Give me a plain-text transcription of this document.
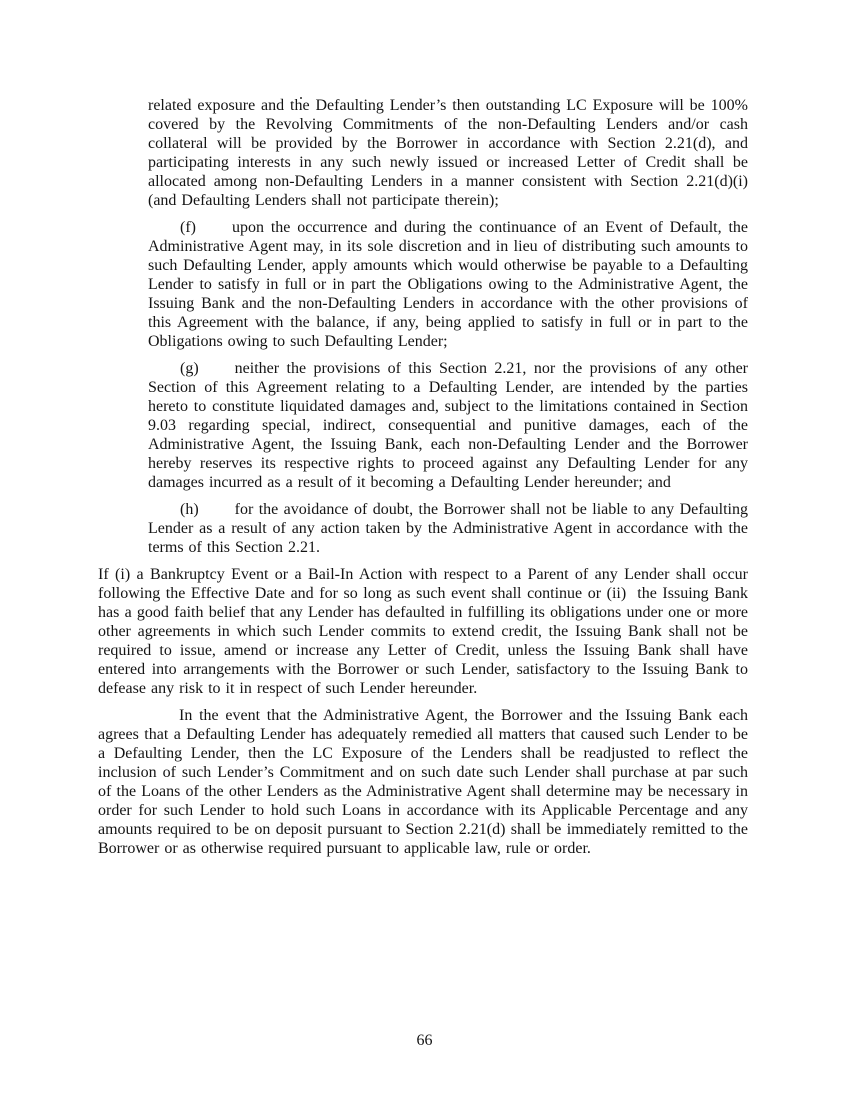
related exposure and the Defaulting Lender’s then outstanding LC Exposure will be 100% covered by the Revolving Commitments of the non-Defaulting Lenders and/or cash collateral will be provided by the Borrower in accordance with Section 2.21(d), and participating interests in any such newly issued or increased Letter of Credit shall be allocated among non-Defaulting Lenders in a manner consistent with Section 2.21(d)(i) (and Defaulting Lenders shall not participate therein);

(f) upon the occurrence and during the continuance of an Event of Default, the Administrative Agent may, in its sole discretion and in lieu of distributing such amounts to such Defaulting Lender, apply amounts which would otherwise be payable to a Defaulting Lender to satisfy in full or in part the Obligations owing to the Administrative Agent, the Issuing Bank and the non-Defaulting Lenders in accordance with the other provisions of this Agreement with the balance, if any, being applied to satisfy in full or in part to the Obligations owing to such Defaulting Lender;

(g) neither the provisions of this Section 2.21, nor the provisions of any other Section of this Agreement relating to a Defaulting Lender, are intended by the parties hereto to constitute liquidated damages and, subject to the limitations contained in Section 9.03 regarding special, indirect, consequential and punitive damages, each of the Administrative Agent, the Issuing Bank, each non-Defaulting Lender and the Borrower hereby reserves its respective rights to proceed against any Defaulting Lender for any damages incurred as a result of it becoming a Defaulting Lender hereunder; and

(h) for the avoidance of doubt, the Borrower shall not be liable to any Defaulting Lender as a result of any action taken by the Administrative Agent in accordance with the terms of this Section 2.21.

If (i) a Bankruptcy Event or a Bail-In Action with respect to a Parent of any Lender shall occur following the Effective Date and for so long as such event shall continue or (ii)  the Issuing Bank has a good faith belief that any Lender has defaulted in fulfilling its obligations under one or more other agreements in which such Lender commits to extend credit, the Issuing Bank shall not be required to issue, amend or increase any Letter of Credit, unless the Issuing Bank shall have entered into arrangements with the Borrower or such Lender, satisfactory to the Issuing Bank to defease any risk to it in respect of such Lender hereunder.

In the event that the Administrative Agent, the Borrower and the Issuing Bank each agrees that a Defaulting Lender has adequately remedied all matters that caused such Lender to be a Defaulting Lender, then the LC Exposure of the Lenders shall be readjusted to reflect the inclusion of such Lender’s Commitment and on such date such Lender shall purchase at par such of the Loans of the other Lenders as the Administrative Agent shall determine may be necessary in order for such Lender to hold such Loans in accordance with its Applicable Percentage and any amounts required to be on deposit pursuant to Section 2.21(d) shall be immediately remitted to the Borrower or as otherwise required pursuant to applicable law, rule or order.

66
